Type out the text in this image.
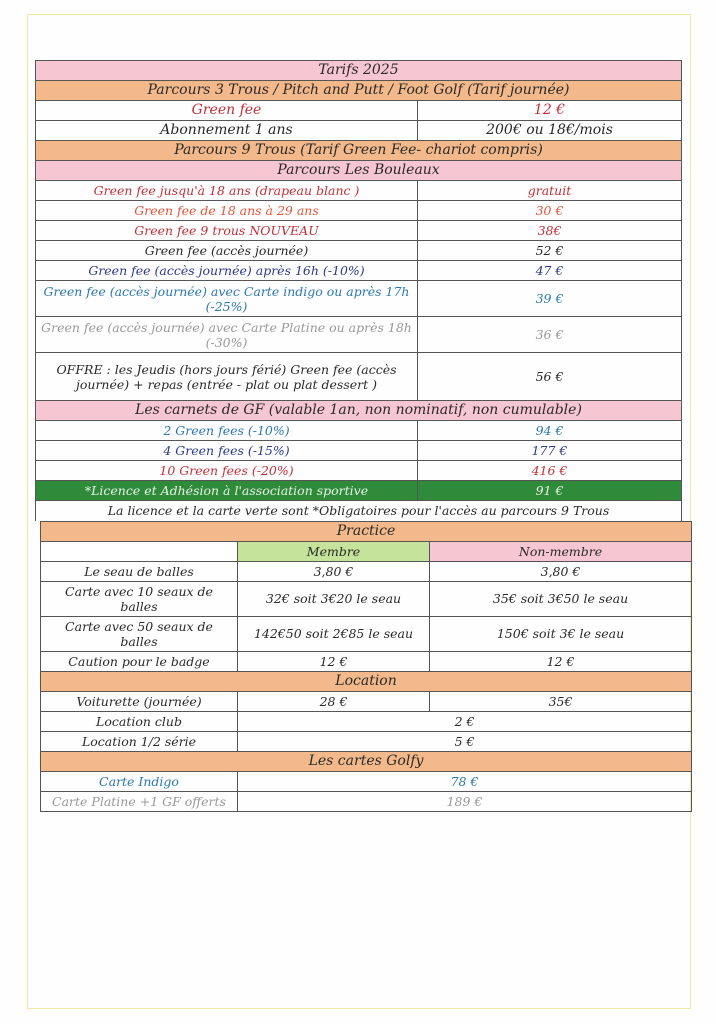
Tarifs 2025	
Parcours 3 Trous / Pitch and Putt / Foot Golf (Tarif journée)	
Green fee	12 €
Abonnement 1 ans	200€ ou 18€/mois
Parcours 9 Trous (Tarif Green Fee- chariot compris)	
Parcours Les Bouleaux	
Green fee jusqu'à 18 ans (drapeau blanc )	gratuit
Green fee de 18 ans à 29 ans	30 €
Green fee 9 trous NOUVEAU	38€
Green fee (accès journée)	52 €
Green fee (accès journée) après 16h (-10%)	47 €
Green fee (accès journée) avec Carte indigo ou après 17h (-25%)	39 €
Green fee (accès journée) avec Carte Platine ou après 18h (-30%)	36 €
OFFRE : les Jeudis (hors jours férié) Green fee (accès journée) + repas (entrée - plat ou plat dessert )	56 €
Les carnets de GF (valable 1an, non nominatif, non cumulable)	
2 Green fees (-10%)	94 €
4 Green fees (-15%)	177 €
10 Green fees (-20%)	416 €
*Licence et Adhésion à l'association sportive	91 €
La licence et la carte verte sont *Obligatoires pour l'accès au parcours 9 Trous	
Practice		
	Membre	Non-membre
Le seau de balles	3,80 €	3,80 €
Carte avec 10 seaux de balles	32€ soit 3€20 le seau	35€ soit 3€50 le seau
Carte avec 50 seaux de balles	142€50 soit 2€85 le seau	150€ soit 3€ le seau
Caution pour le badge	12 €	12 €
Location		
Voiturette (journée)	28 €	35€
Location club	2 €	
Location 1/2 série	5 €	
Les cartes Golfy		
Carte Indigo	78 €	
Carte Platine +1 GF offerts	189 €	
